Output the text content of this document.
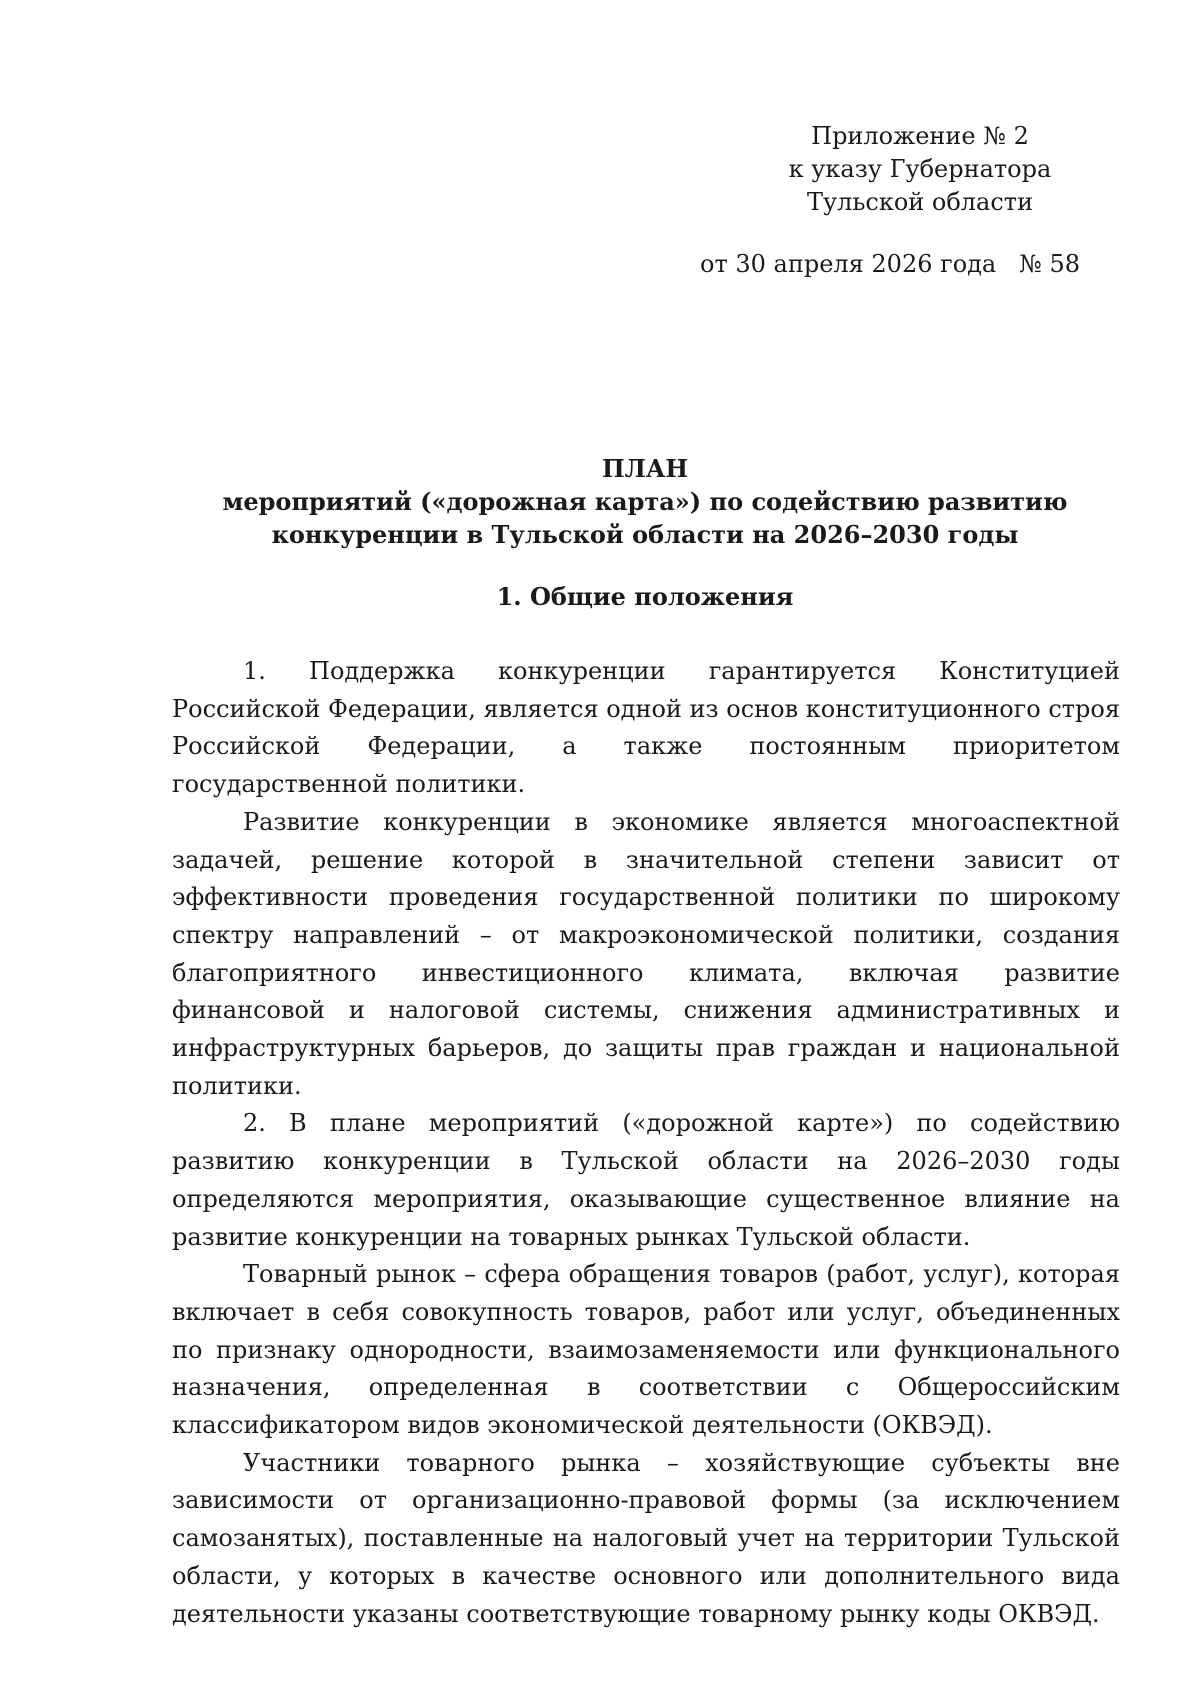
Приложение № 2
к указу Губернатора
Тульской области
от 30 апреля 2026 года № 58
ПЛАН
мероприятий («дорожная карта») по содействию развитию
конкуренции в Тульской области на 2026–2030 годы
1. Общие положения

1. Поддержка конкуренции гарантируется Конституцией Российской Федерации, является одной из основ конституционного строя Российской Федерации, а также постоянным приоритетом государственной политики.

Развитие конкуренции в экономике является многоаспектной задачей, решение которой в значительной степени зависит от эффективности проведения государственной политики по широкому спектру направлений – от макроэкономической политики, создания благоприятного инвестиционного климата, включая развитие финансовой и налоговой системы, снижения административных и инфраструктурных барьеров, до защиты прав граждан и национальной политики.

2. В плане мероприятий («дорожной карте») по содействию развитию конкуренции в Тульской области на 2026–2030 годы определяются мероприятия, оказывающие существенное влияние на развитие конкуренции на товарных рынках Тульской области.

Товарный рынок – сфера обращения товаров (работ, услуг), которая включает в себя совокупность товаров, работ или услуг, объединенных по признаку однородности, взаимозаменяемости или функционального назначения, определенная в соответствии с Общероссийским классификатором видов экономической деятельности (ОКВЭД).

Участники товарного рынка – хозяйствующие субъекты вне зависимости от организационно-правовой формы (за исключением самозанятых), поставленные на налоговый учет на территории Тульской области, у которых в качестве основного или дополнительного вида деятельности указаны соответствующие товарному рынку коды ОКВЭД.
